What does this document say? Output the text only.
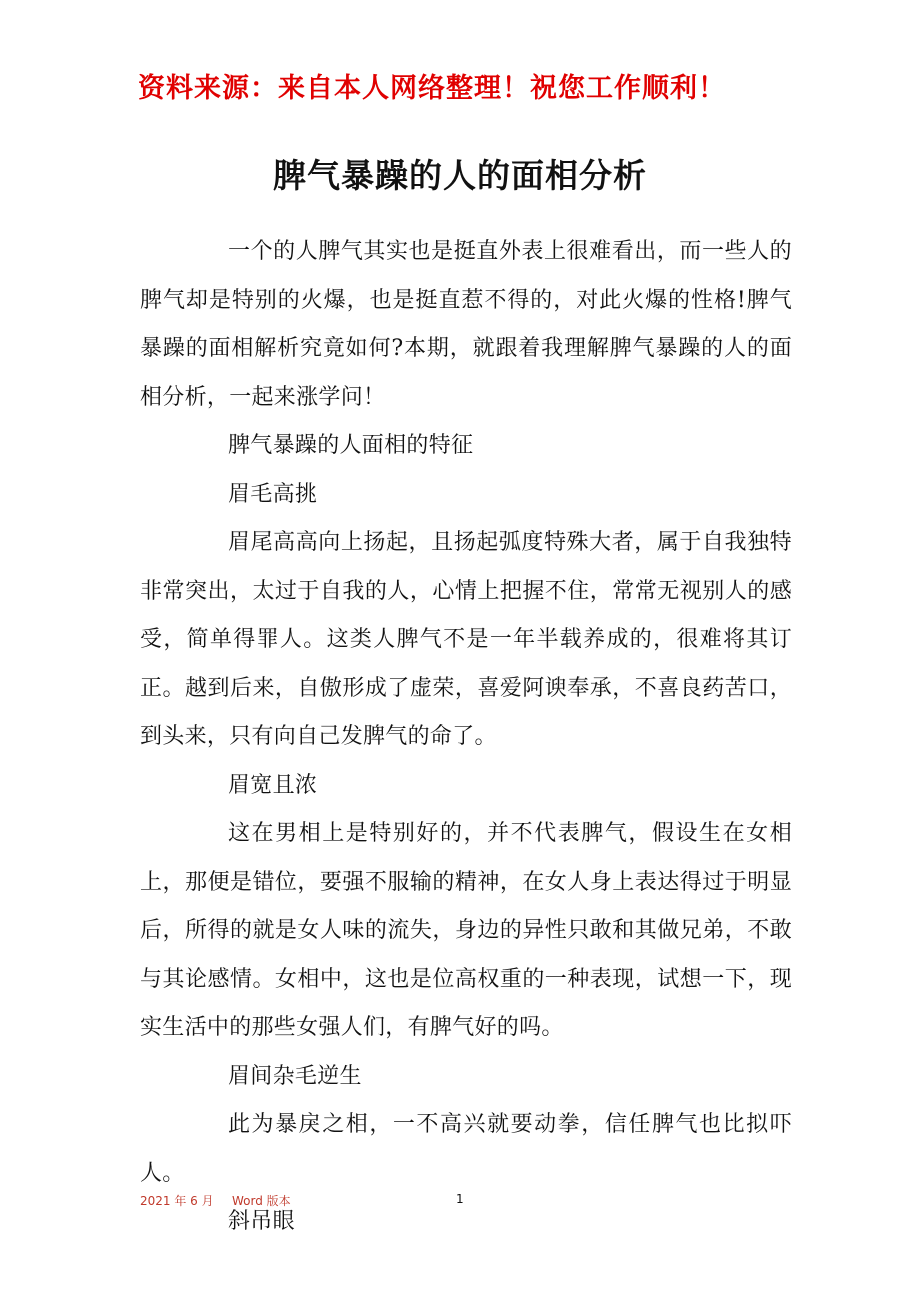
资料来源：来自本人网络整理！祝您工作顺利！
脾气暴躁的人的面相分析

一个的人脾气其实也是挺直外表上很难看出，而一些人的脾气却是特别的火爆，也是挺直惹不得的，对此火爆的性格!脾气暴躁的面相解析究竟如何?本期，就跟着我理解脾气暴躁的人的面相分析，一起来涨学问！

脾气暴躁的人面相的特征

眉毛高挑

眉尾高高向上扬起，且扬起弧度特殊大者，属于自我独特非常突出，太过于自我的人，心情上把握不住，常常无视别人的感受，简单得罪人。这类人脾气不是一年半载养成的，很难将其订正。越到后来，自傲形成了虚荣，喜爱阿谀奉承，不喜良药苦口，到头来，只有向自己发脾气的命了。

眉宽且浓

这在男相上是特别好的，并不代表脾气，假设生在女相上，那便是错位，要强不服输的精神，在女人身上表达得过于明显后，所得的就是女人味的流失，身边的异性只敢和其做兄弟，不敢与其论感情。女相中，这也是位高权重的一种表现，试想一下，现实生活中的那些女强人们，有脾气好的吗。

眉间杂毛逆生

此为暴戾之相，一不高兴就要动拳，信任脾气也比拟吓人。

斜吊眼

2021 年 6 月 Word 版本	1
